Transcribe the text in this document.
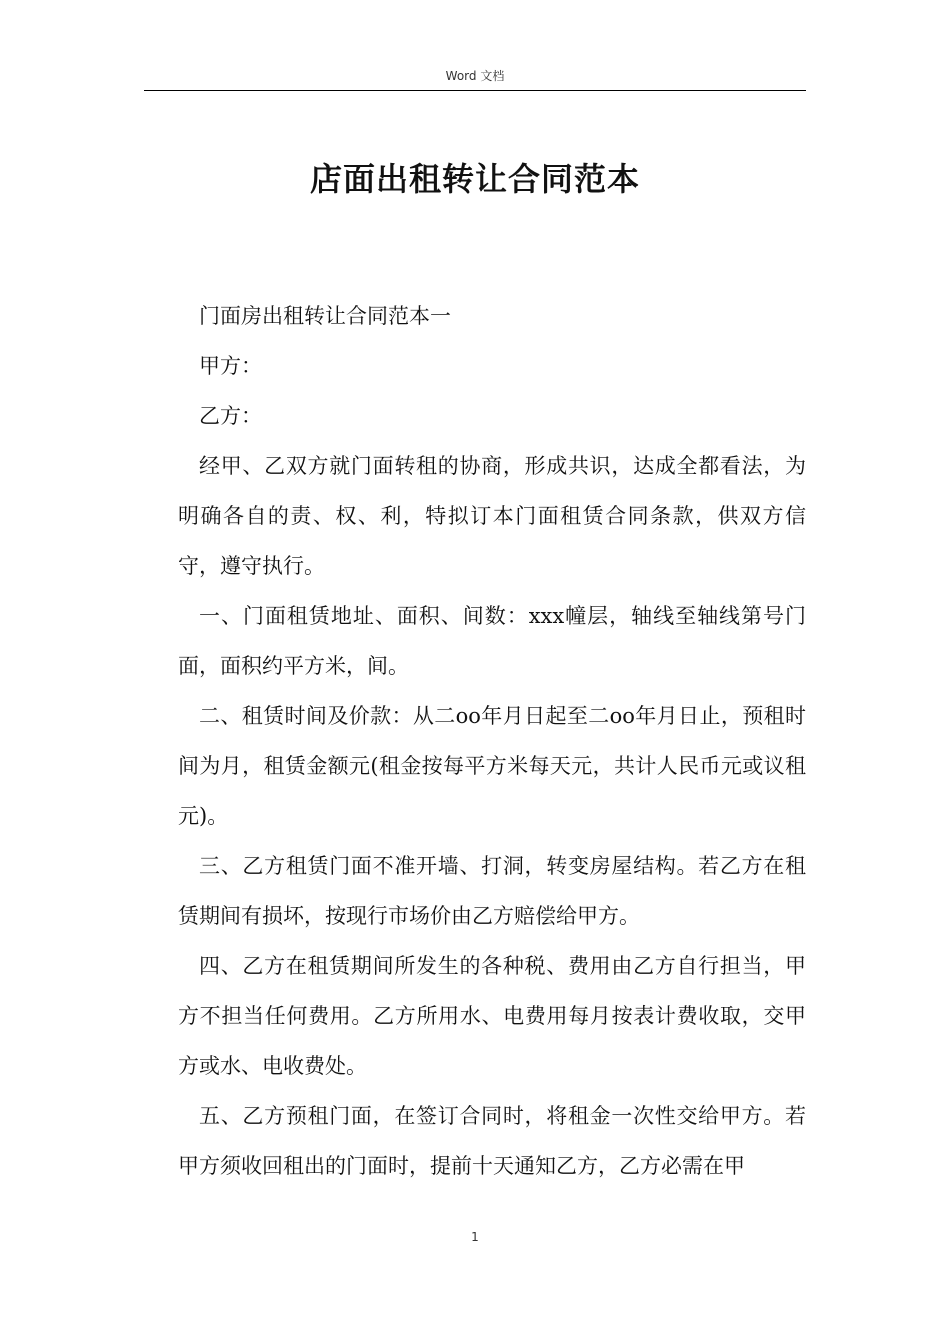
Word 文档
店面出租转让合同范本

门面房出租转让合同范本一

甲方：

乙方：

经甲、乙双方就门面转租的协商，形成共识，达成全都看法，为明确各自的责、权、利，特拟订本门面租赁合同条款，供双方信守，遵守执行。

一、门面租赁地址、面积、间数：xxx幢层，轴线至轴线第号门面，面积约平方米，间。

二、租赁时间及价款：从二oo年月日起至二oo年月日止，预租时间为月，租赁金额元(租金按每平方米每天元，共计人民币元或议租元)。

三、乙方租赁门面不准开墙、打洞，转变房屋结构。若乙方在租赁期间有损坏，按现行市场价由乙方赔偿给甲方。

四、乙方在租赁期间所发生的各种税、费用由乙方自行担当，甲方不担当任何费用。乙方所用水、电费用每月按表计费收取，交甲方或水、电收费处。

五、乙方预租门面，在签订合同时，将租金一次性交给甲方。若甲方须收回租出的门面时，提前十天通知乙方，乙方必需在甲

1
